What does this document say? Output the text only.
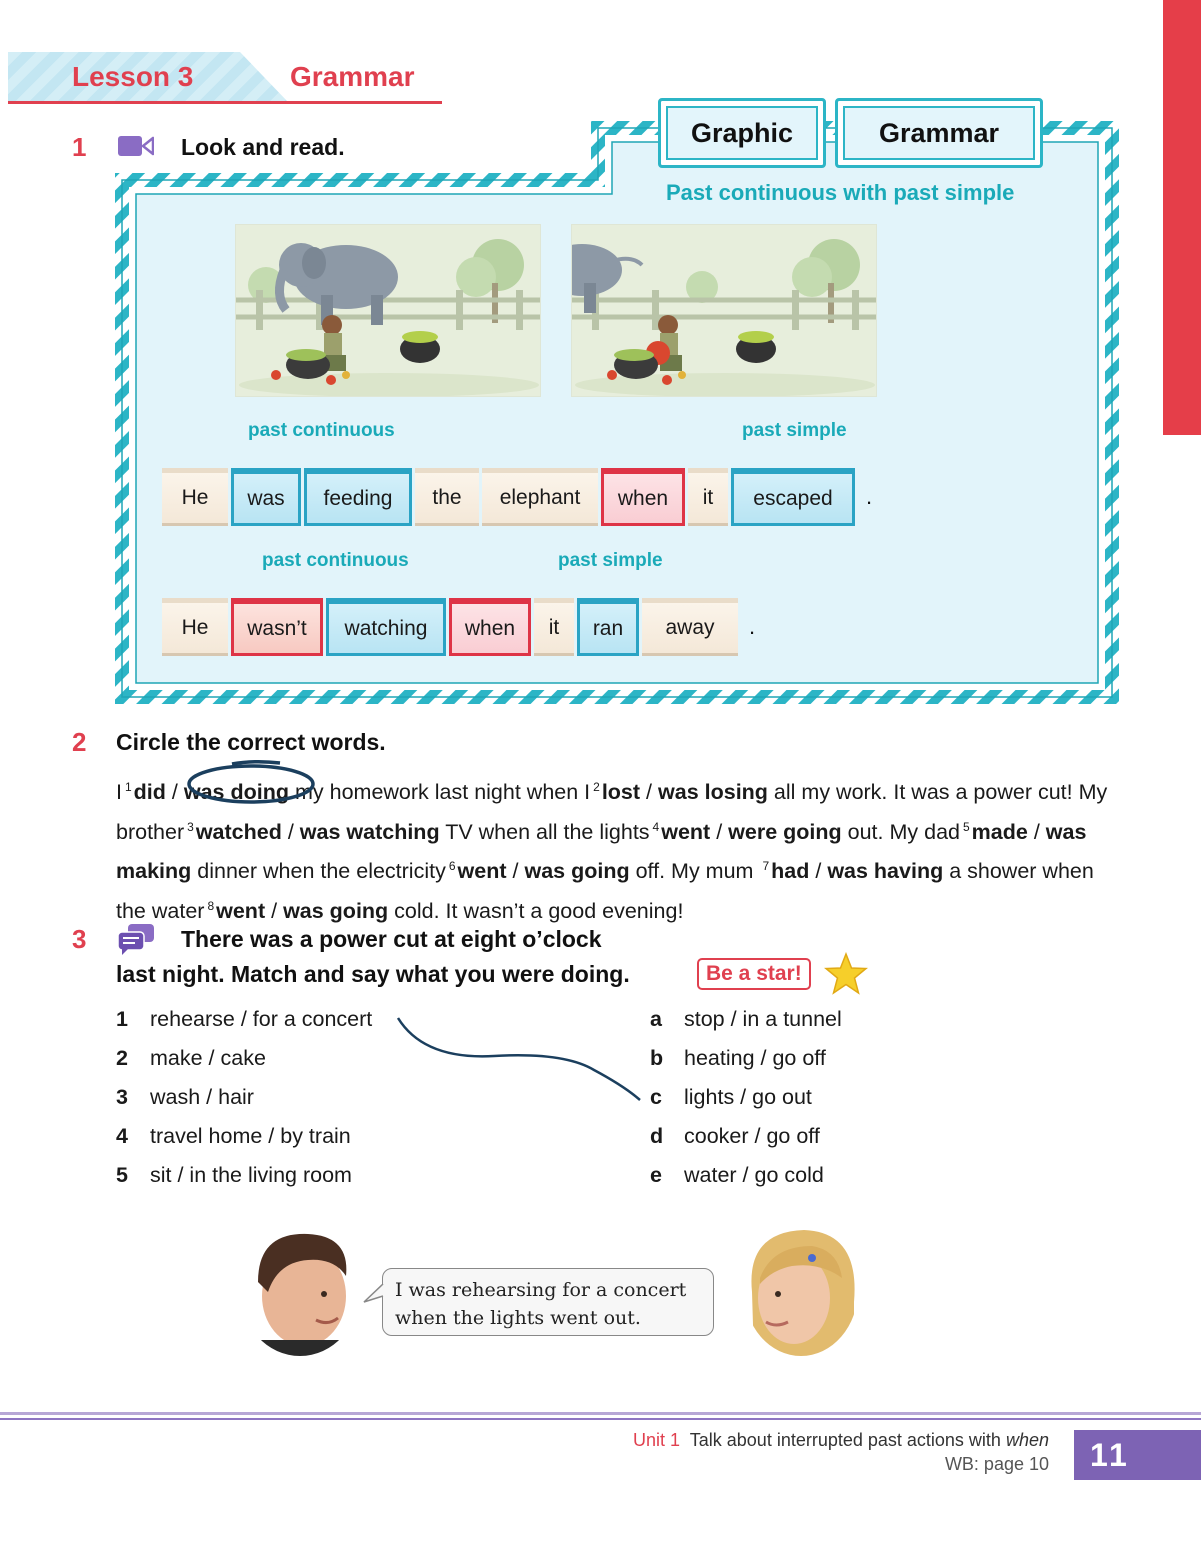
Lesson 3	Grammar
1	Look and read.	Graphic	Grammar
Past continuous with past simple
past continuous	past simple
He	was	feeding	the	elephant	when	it	escaped	.
past continuous	past simple
He	wasn’t	watching	when	it	ran	away	.
2 Circle the correct words.
I $^1$did / was doing my homework last night when I $^2$lost / was losing all my work. It was a power cut! My brother $^3$watched / was watching TV when all the lights $^4$went / were going out. My dad $^5$made / was making dinner when the electricity $^6$went / was going off. My mum $^7$had / was having a shower when the water $^8$went / was going cold. It wasn’t a good evening!
3	There was a power cut at eight o’clock
last night. Match and say what you were doing.	Be a star!
1 rehearse / for a concert
2 make / cake
3 wash / hair
4 travel home / by train
5 sit / in the living room
a stop / in a tunnel
b heating / go off
c lights / go out
d cooker / go off
e water / go cold
I was rehearsing for a concert
when the lights went out.
Unit 1 Talk about interrupted past actions with when
WB: page 10	11
